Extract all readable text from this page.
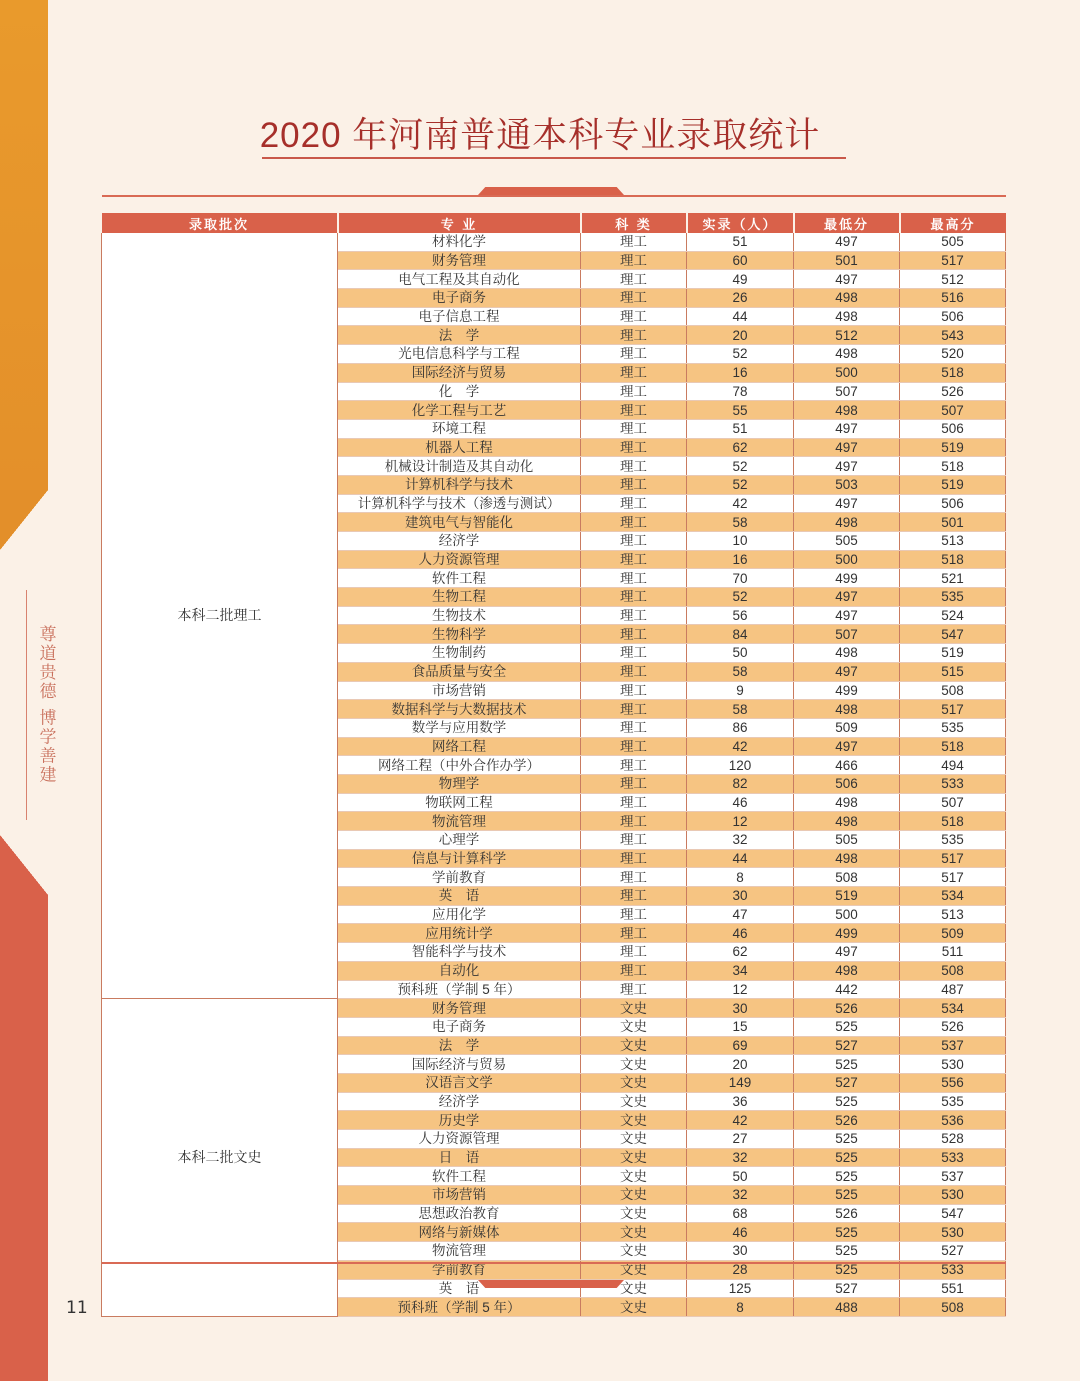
尊道贵德 博学善建
2020 年河南普通本科专业录取统计
录取批次	专 业	科 类	实录（人）	最低分	最高分
本科二批理工	材料化学	理工	51	497	505
	财务管理	理工	60	501	517
	电气工程及其自动化	理工	49	497	512
	电子商务	理工	26	498	516
	电子信息工程	理工	44	498	506
	法　学	理工	20	512	543
	光电信息科学与工程	理工	52	498	520
	国际经济与贸易	理工	16	500	518
	化　学	理工	78	507	526
	化学工程与工艺	理工	55	498	507
	环境工程	理工	51	497	506
	机器人工程	理工	62	497	519
	机械设计制造及其自动化	理工	52	497	518
	计算机科学与技术	理工	52	503	519
	计算机科学与技术（渗透与测试）	理工	42	497	506
	建筑电气与智能化	理工	58	498	501
	经济学	理工	10	505	513
	人力资源管理	理工	16	500	518
	软件工程	理工	70	499	521
	生物工程	理工	52	497	535
	生物技术	理工	56	497	524
	生物科学	理工	84	507	547
	生物制药	理工	50	498	519
	食品质量与安全	理工	58	497	515
	市场营销	理工	9	499	508
	数据科学与大数据技术	理工	58	498	517
	数学与应用数学	理工	86	509	535
	网络工程	理工	42	497	518
	网络工程（中外合作办学）	理工	120	466	494
	物理学	理工	82	506	533
	物联网工程	理工	46	498	507
	物流管理	理工	12	498	518
	心理学	理工	32	505	535
	信息与计算科学	理工	44	498	517
	学前教育	理工	8	508	517
	英　语	理工	30	519	534
	应用化学	理工	47	500	513
	应用统计学	理工	46	499	509
	智能科学与技术	理工	62	497	511
	自动化	理工	34	498	508
	预科班（学制 5 年）	理工	12	442	487
本科二批文史	财务管理	文史	30	526	534
	电子商务	文史	15	525	526
	法　学	文史	69	527	537
	国际经济与贸易	文史	20	525	530
	汉语言文学	文史	149	527	556
	经济学	文史	36	525	535
	历史学	文史	42	526	536
	人力资源管理	文史	27	525	528
	日　语	文史	32	525	533
	软件工程	文史	50	525	537
	市场营销	文史	32	525	530
	思想政治教育	文史	68	526	547
	网络与新媒体	文史	46	525	530
	物流管理	文史	30	525	527
	学前教育	文史	28	525	533
	英　语	文史	125	527	551
	预科班（学制 5 年）	文史	8	488	508
11
